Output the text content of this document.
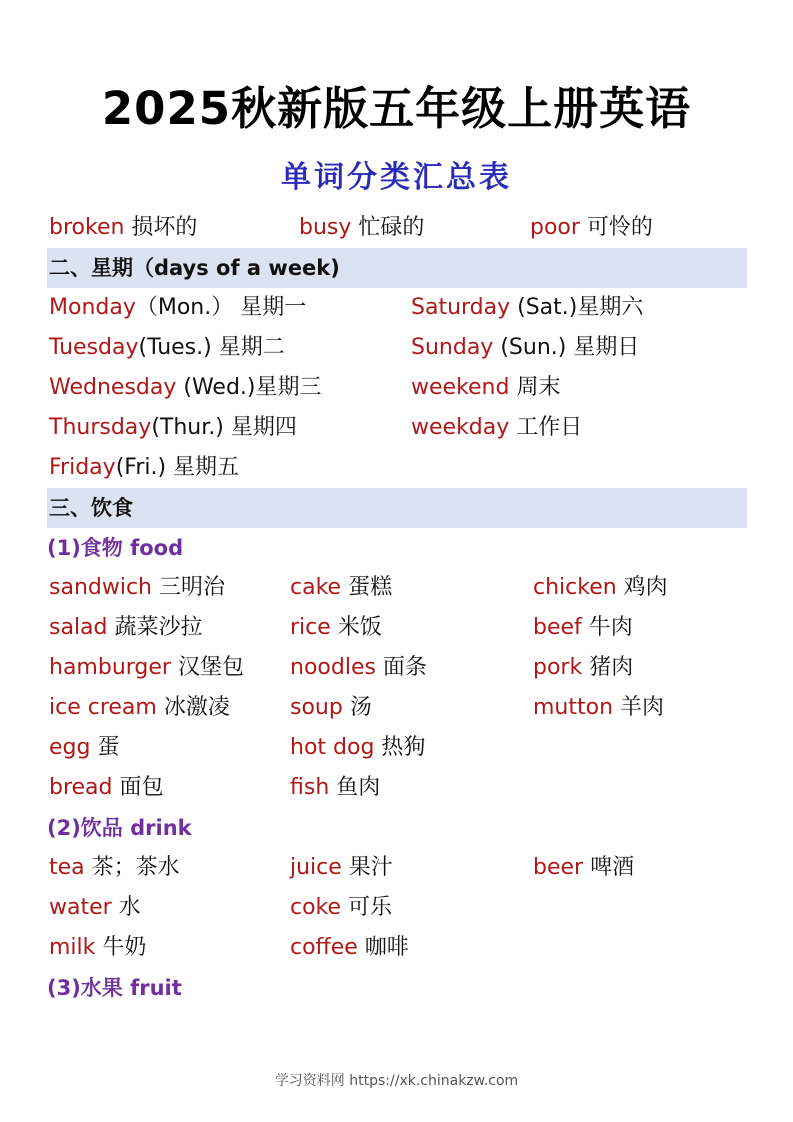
2025秋新版五年级上册英语
单词分类汇总表
broken 损坏的	busy 忙碌的	poor 可怜的
二、星期（days of a week)
Monday（Mon.） 星期一	Saturday (Sat.)星期六
Tuesday(Tues.) 星期二	Sunday (Sun.) 星期日
Wednesday (Wed.)星期三	weekend 周末
Thursday(Thur.) 星期四	weekday 工作日
Friday(Fri.) 星期五
三、饮食
(1)食物 food
sandwich 三明治	cake 蛋糕	chicken 鸡肉
salad 蔬菜沙拉	rice 米饭	beef 牛肉
hamburger 汉堡包 noodles 面条	pork 猪肉
ice cream 冰激凌	soup 汤	mutton 羊肉
egg 蛋	hot dog 热狗
bread 面包	fish 鱼肉
(2)饮品 drink
tea 茶；茶水	juice 果汁	beer 啤酒
water 水	coke 可乐
milk 牛奶	coffee 咖啡
(3)水果 fruit
学习资料网 https://xk.chinakzw.com
